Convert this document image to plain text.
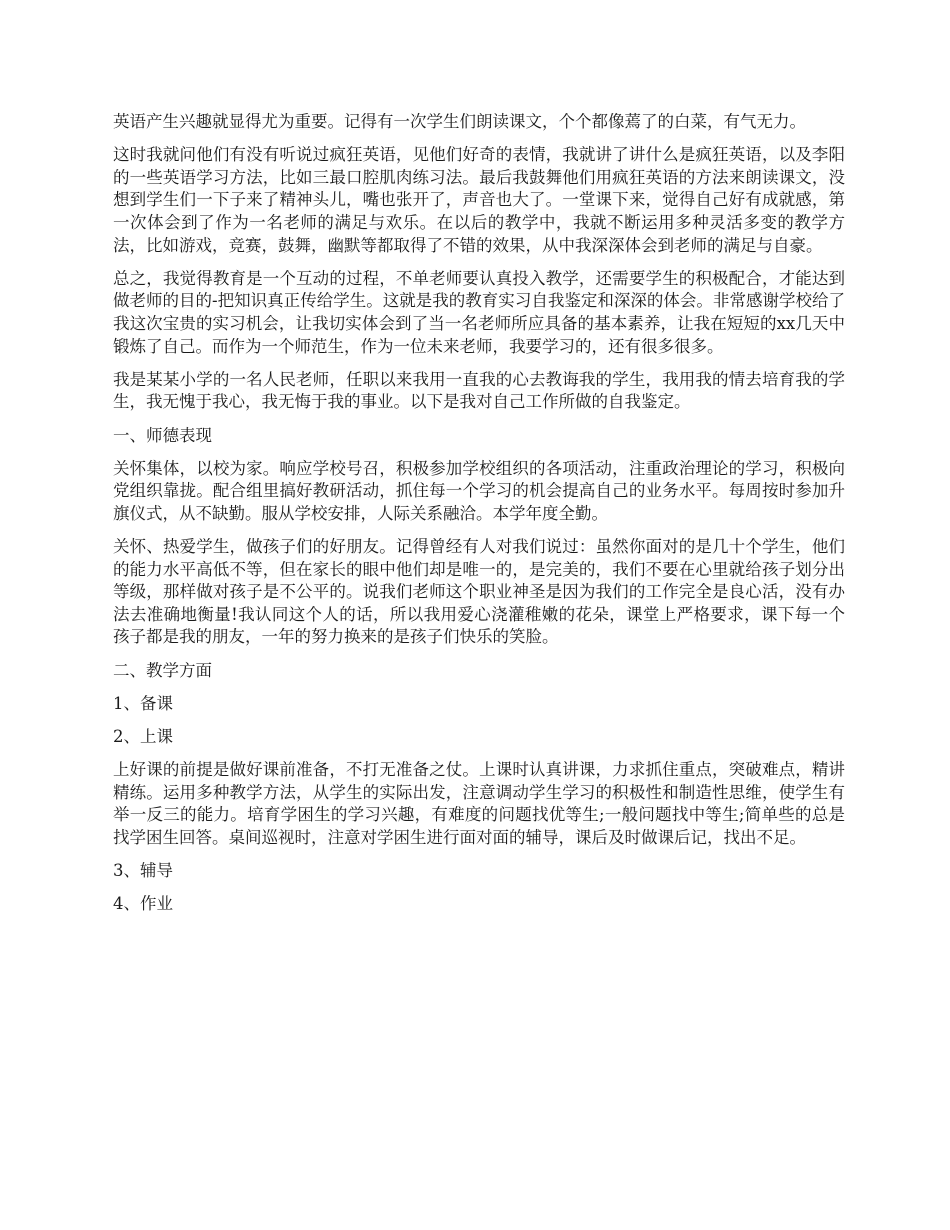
英语产生兴趣就显得尤为重要。记得有一次学生们朗读课文，个个都像蔫了的白菜，有气无力。

这时我就问他们有没有听说过疯狂英语，见他们好奇的表情，我就讲了讲什么是疯狂英语，以及李阳的一些英语学习方法，比如三最口腔肌肉练习法。最后我鼓舞他们用疯狂英语的方法来朗读课文，没想到学生们一下子来了精神头儿，嘴也张开了，声音也大了。一堂课下来，觉得自己好有成就感，第一次体会到了作为一名老师的满足与欢乐。在以后的教学中，我就不断运用多种灵活多变的教学方法，比如游戏，竞赛，鼓舞，幽默等都取得了不错的效果，从中我深深体会到老师的满足与自豪。

总之，我觉得教育是一个互动的过程，不单老师要认真投入教学，还需要学生的积极配合，才能达到做老师的目的-把知识真正传给学生。这就是我的教育实习自我鉴定和深深的体会。非常感谢学校给了我这次宝贵的实习机会，让我切实体会到了当一名老师所应具备的基本素养，让我在短短的xx几天中锻炼了自己。而作为一个师范生，作为一位未来老师，我要学习的，还有很多很多。

我是某某小学的一名人民老师，任职以来我用一直我的心去教诲我的学生，我用我的情去培育我的学生，我无愧于我心，我无悔于我的事业。以下是我对自己工作所做的自我鉴定。

一、师德表现

关怀集体，以校为家。响应学校号召，积极参加学校组织的各项活动，注重政治理论的学习，积极向党组织靠拢。配合组里搞好教研活动，抓住每一个学习的机会提高自己的业务水平。每周按时参加升旗仪式，从不缺勤。服从学校安排，人际关系融洽。本学年度全勤。

关怀、热爱学生，做孩子们的好朋友。记得曾经有人对我们说过：虽然你面对的是几十个学生，他们的能力水平高低不等，但在家长的眼中他们却是唯一的，是完美的，我们不要在心里就给孩子划分出等级，那样做对孩子是不公平的。说我们老师这个职业神圣是因为我们的工作完全是良心活，没有办法去准确地衡量!我认同这个人的话，所以我用爱心浇灌稚嫩的花朵，课堂上严格要求，课下每一个孩子都是我的朋友，一年的努力换来的是孩子们快乐的笑脸。

二、教学方面

1、备课

2、上课

上好课的前提是做好课前准备，不打无准备之仗。上课时认真讲课，力求抓住重点，突破难点，精讲精练。运用多种教学方法，从学生的实际出发，注意调动学生学习的积极性和制造性思维，使学生有举一反三的能力。培育学困生的学习兴趣，有难度的问题找优等生;一般问题找中等生;简单些的总是找学困生回答。桌间巡视时，注意对学困生进行面对面的辅导，课后及时做课后记，找出不足。

3、辅导

4、作业
